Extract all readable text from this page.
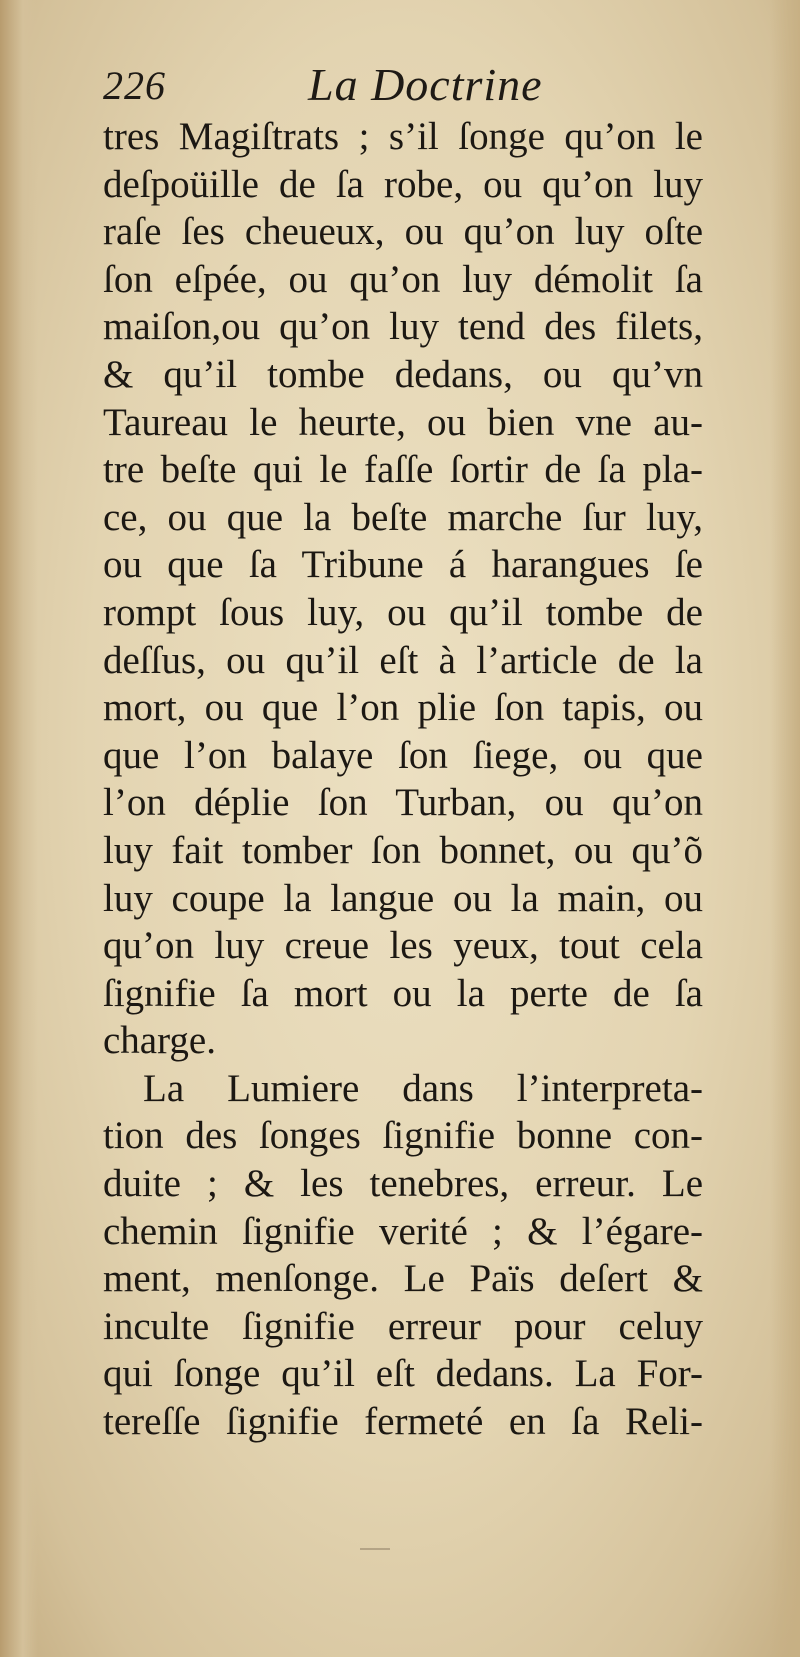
226	La Doctrine
tres Magiſtrats ; s’il ſonge qu’on le
deſpoüille de ſa robe, ou qu’on luy
raſe ſes cheueux, ou qu’on luy oſte
ſon eſpée, ou qu’on luy démolit ſa
maiſon,ou qu’on luy tend des filets,
& qu’il tombe dedans, ou qu’vn
Taureau le heurte, ou bien vne au-
tre beſte qui le faſſe ſortir de ſa pla-
ce, ou que la beſte marche ſur luy,
ou que ſa Tribune á harangues ſe
rompt ſous luy, ou qu’il tombe de
deſſus, ou qu’il eſt à l’article de la
mort, ou que l’on plie ſon tapis, ou
que l’on balaye ſon ſiege, ou que
l’on déplie ſon Turban, ou qu’on
luy fait tomber ſon bonnet, ou qu’õ
luy coupe la langue ou la main, ou
qu’on luy creue les yeux, tout cela
ſignifie ſa mort ou la perte de ſa
charge.
La Lumiere dans l’interpreta-
tion des ſonges ſignifie bonne con-
duite ; & les tenebres, erreur. Le
chemin ſignifie verité ; & l’égare-
ment, menſonge. Le Païs deſert &
inculte ſignifie erreur pour celuy
qui ſonge qu’il eſt dedans. La For-
tereſſe ſignifie fermeté en ſa Reli-
